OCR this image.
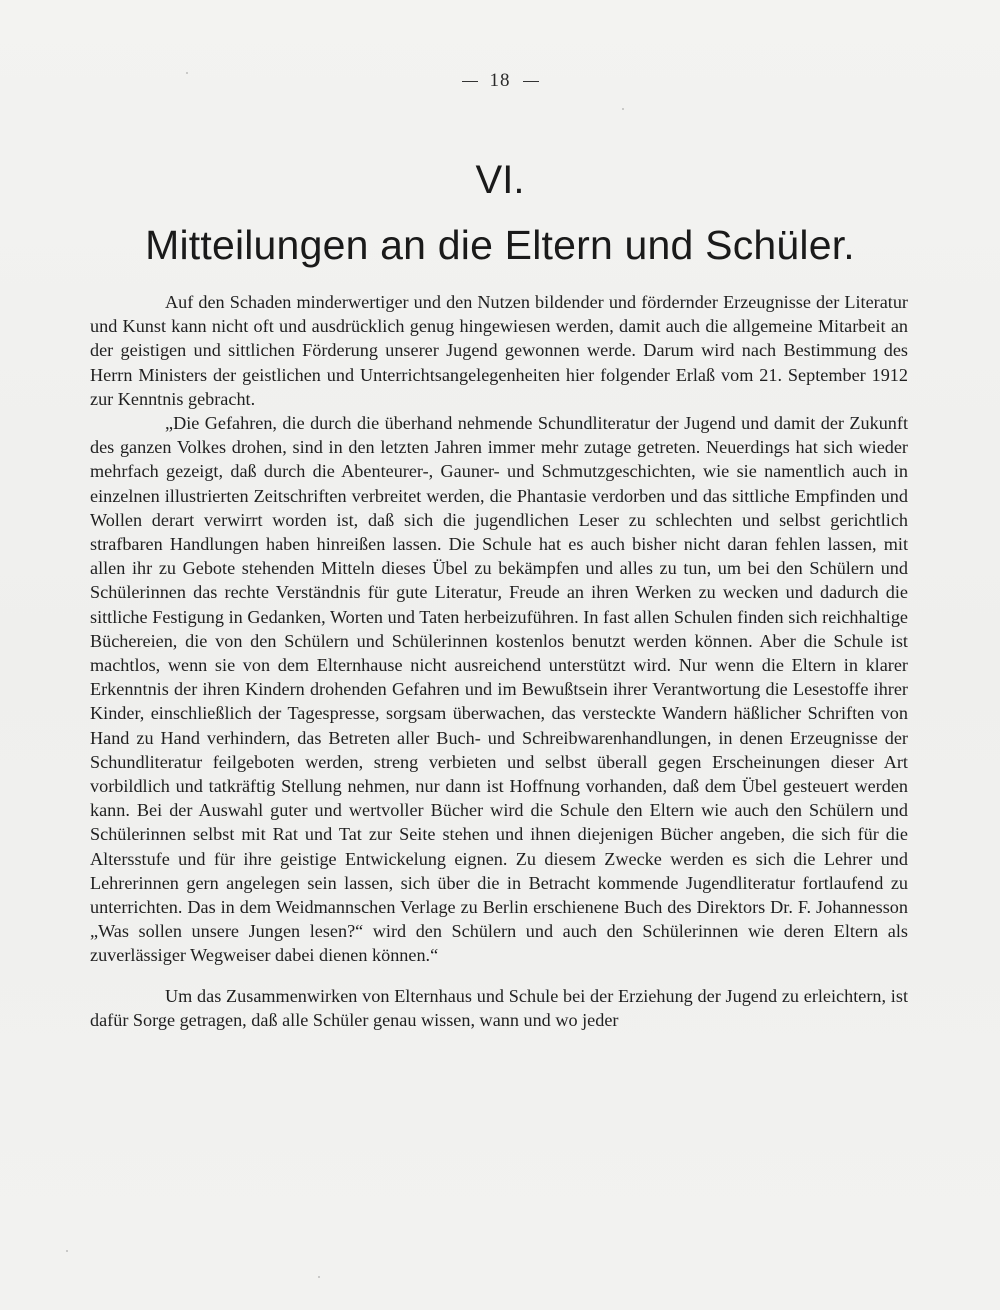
18
VI.
Mitteilungen an die Eltern und Schüler.

Auf den Schaden minderwertiger und den Nutzen bildender und fördernder Erzeugnisse der Literatur und Kunst kann nicht oft und ausdrücklich genug hingewiesen werden, damit auch die allgemeine Mitarbeit an der geistigen und sittlichen Förderung unserer Jugend gewonnen werde. Darum wird nach Bestimmung des Herrn Ministers der geistlichen und Unterrichtsangelegenheiten hier folgender Erlaß vom 21. September 1912 zur Kenntnis gebracht.

„Die Gefahren, die durch die überhand nehmende Schundliteratur der Jugend und damit der Zukunft des ganzen Volkes drohen, sind in den letzten Jahren immer mehr zutage getreten. Neuerdings hat sich wieder mehrfach gezeigt, daß durch die Abenteurer-, Gauner- und Schmutzgeschichten, wie sie namentlich auch in einzelnen illustrierten Zeitschriften verbreitet werden, die Phantasie verdorben und das sittliche Empfinden und Wollen derart verwirrt worden ist, daß sich die jugendlichen Leser zu schlechten und selbst gerichtlich strafbaren Handlungen haben hinreißen lassen. Die Schule hat es auch bisher nicht daran fehlen lassen, mit allen ihr zu Gebote stehenden Mitteln dieses Übel zu bekämpfen und alles zu tun, um bei den Schülern und Schülerinnen das rechte Verständnis für gute Literatur, Freude an ihren Werken zu wecken und dadurch die sittliche Festigung in Gedanken, Worten und Taten herbeizuführen. In fast allen Schulen finden sich reichhaltige Büchereien, die von den Schülern und Schülerinnen kostenlos benutzt werden können. Aber die Schule ist machtlos, wenn sie von dem Elternhause nicht ausreichend unterstützt wird. Nur wenn die Eltern in klarer Erkenntnis der ihren Kindern drohenden Gefahren und im Bewußtsein ihrer Verantwortung die Lesestoffe ihrer Kinder, einschließlich der Tagespresse, sorgsam überwachen, das versteckte Wandern häßlicher Schriften von Hand zu Hand verhindern, das Betreten aller Buch- und Schreibwarenhandlungen, in denen Erzeugnisse der Schundliteratur feilgeboten werden, streng verbieten und selbst überall gegen Erscheinungen dieser Art vorbildlich und tatkräftig Stellung nehmen, nur dann ist Hoffnung vorhanden, daß dem Übel gesteuert werden kann. Bei der Auswahl guter und wertvoller Bücher wird die Schule den Eltern wie auch den Schülern und Schülerinnen selbst mit Rat und Tat zur Seite stehen und ihnen diejenigen Bücher angeben, die sich für die Altersstufe und für ihre geistige Entwickelung eignen. Zu diesem Zwecke werden es sich die Lehrer und Lehrerinnen gern angelegen sein lassen, sich über die in Betracht kommende Jugendliteratur fortlaufend zu unterrichten. Das in dem Weidmannschen Verlage zu Berlin erschienene Buch des Direktors Dr. F. Johannesson „Was sollen unsere Jungen lesen?“ wird den Schülern und auch den Schülerinnen wie deren Eltern als zuverlässiger Wegweiser dabei dienen können.“

Um das Zusammenwirken von Elternhaus und Schule bei der Erziehung der Jugend zu erleichtern, ist dafür Sorge getragen, daß alle Schüler genau wissen, wann und wo jeder
